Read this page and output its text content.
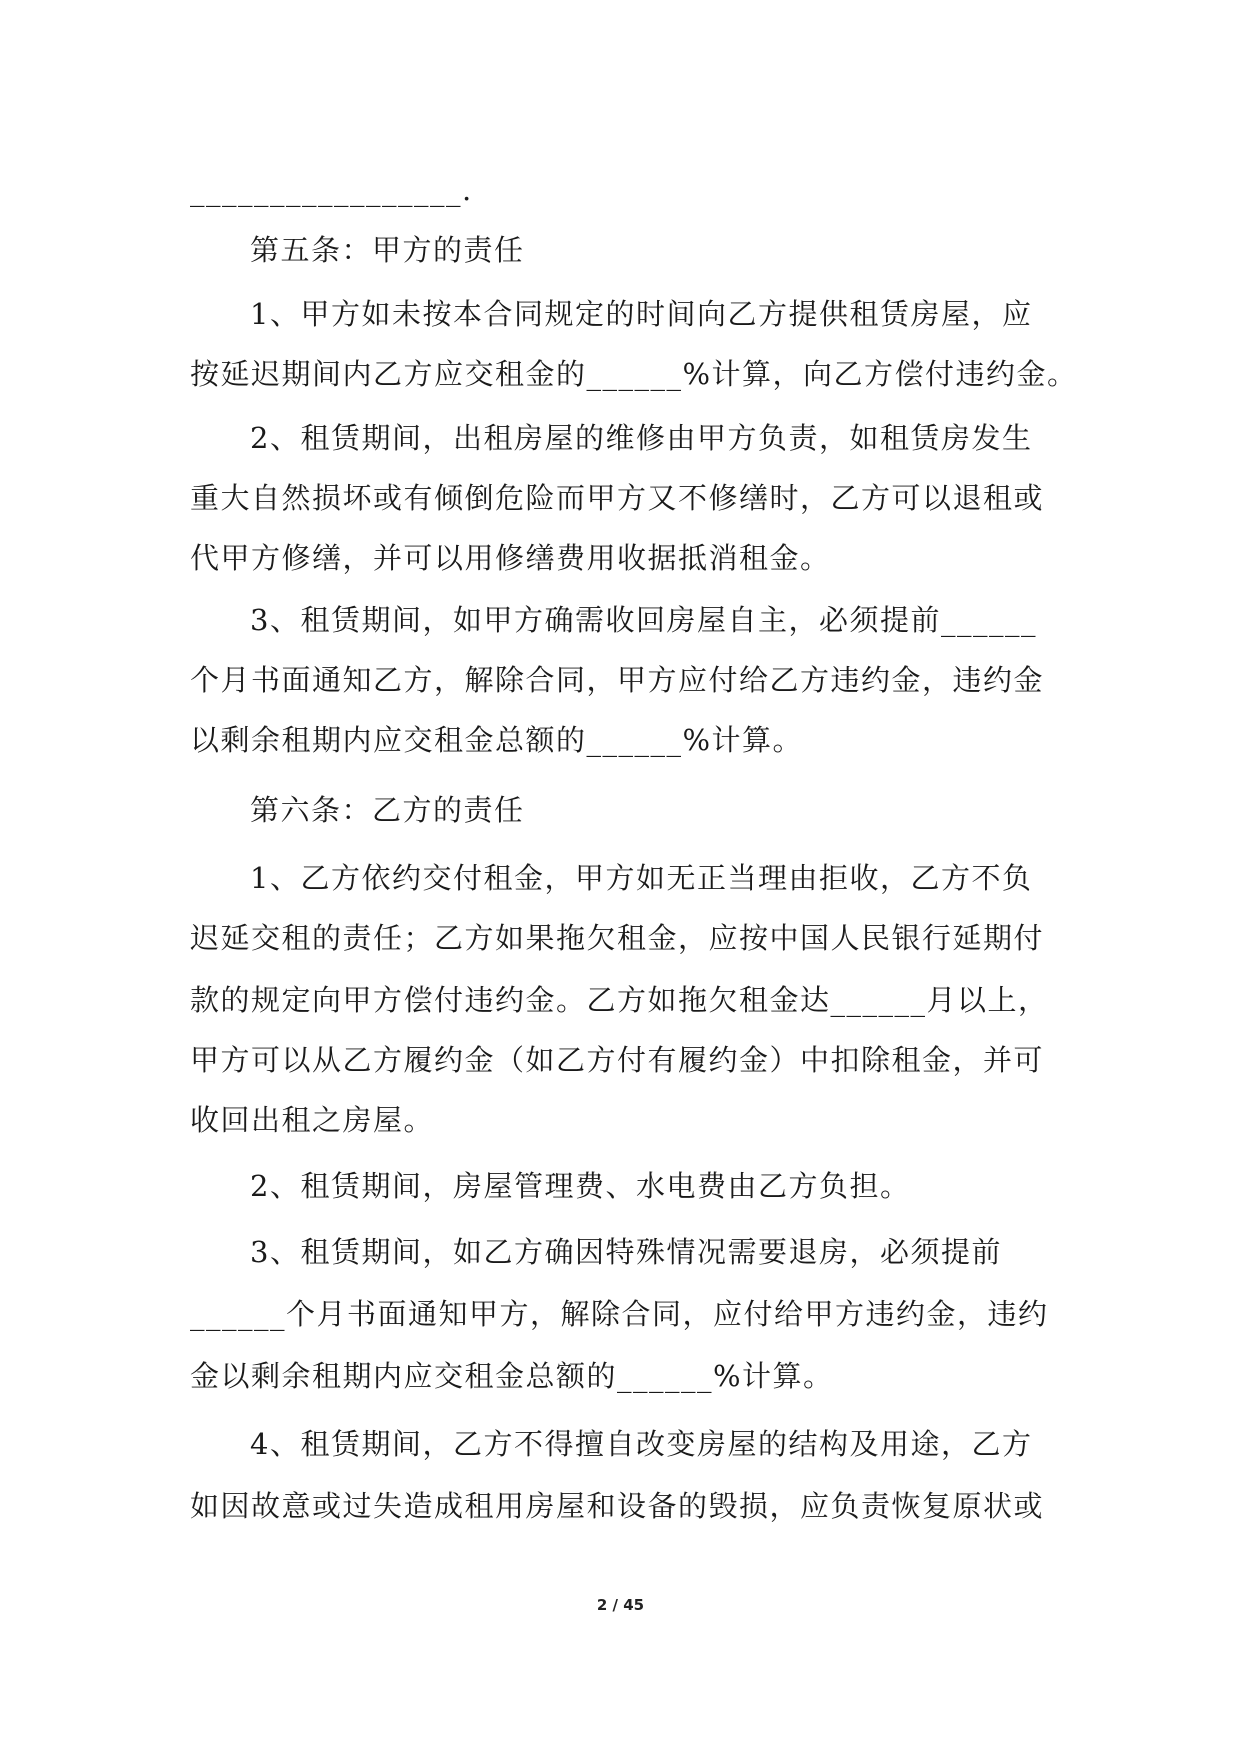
_________________.
第五条：甲方的责任
1、甲方如未按本合同规定的时间向乙方提供租赁房屋，应
按延迟期间内乙方应交租金的______%计算，向乙方偿付违约金。
2、租赁期间，出租房屋的维修由甲方负责，如租赁房发生
重大自然损坏或有倾倒危险而甲方又不修缮时，乙方可以退租或
代甲方修缮，并可以用修缮费用收据抵消租金。
3、租赁期间，如甲方确需收回房屋自主，必须提前______
个月书面通知乙方，解除合同，甲方应付给乙方违约金，违约金
以剩余租期内应交租金总额的______%计算。
第六条：乙方的责任
1、乙方依约交付租金，甲方如无正当理由拒收，乙方不负
迟延交租的责任；乙方如果拖欠租金，应按中国人民银行延期付
款的规定向甲方偿付违约金。乙方如拖欠租金达______月以上，
甲方可以从乙方履约金（如乙方付有履约金）中扣除租金，并可
收回出租之房屋。
2、租赁期间，房屋管理费、水电费由乙方负担。
3、租赁期间，如乙方确因特殊情况需要退房，必须提前
______个月书面通知甲方，解除合同，应付给甲方违约金，违约
金以剩余租期内应交租金总额的______%计算。
4、租赁期间，乙方不得擅自改变房屋的结构及用途，乙方
如因故意或过失造成租用房屋和设备的毁损，应负责恢复原状或
2 / 45
